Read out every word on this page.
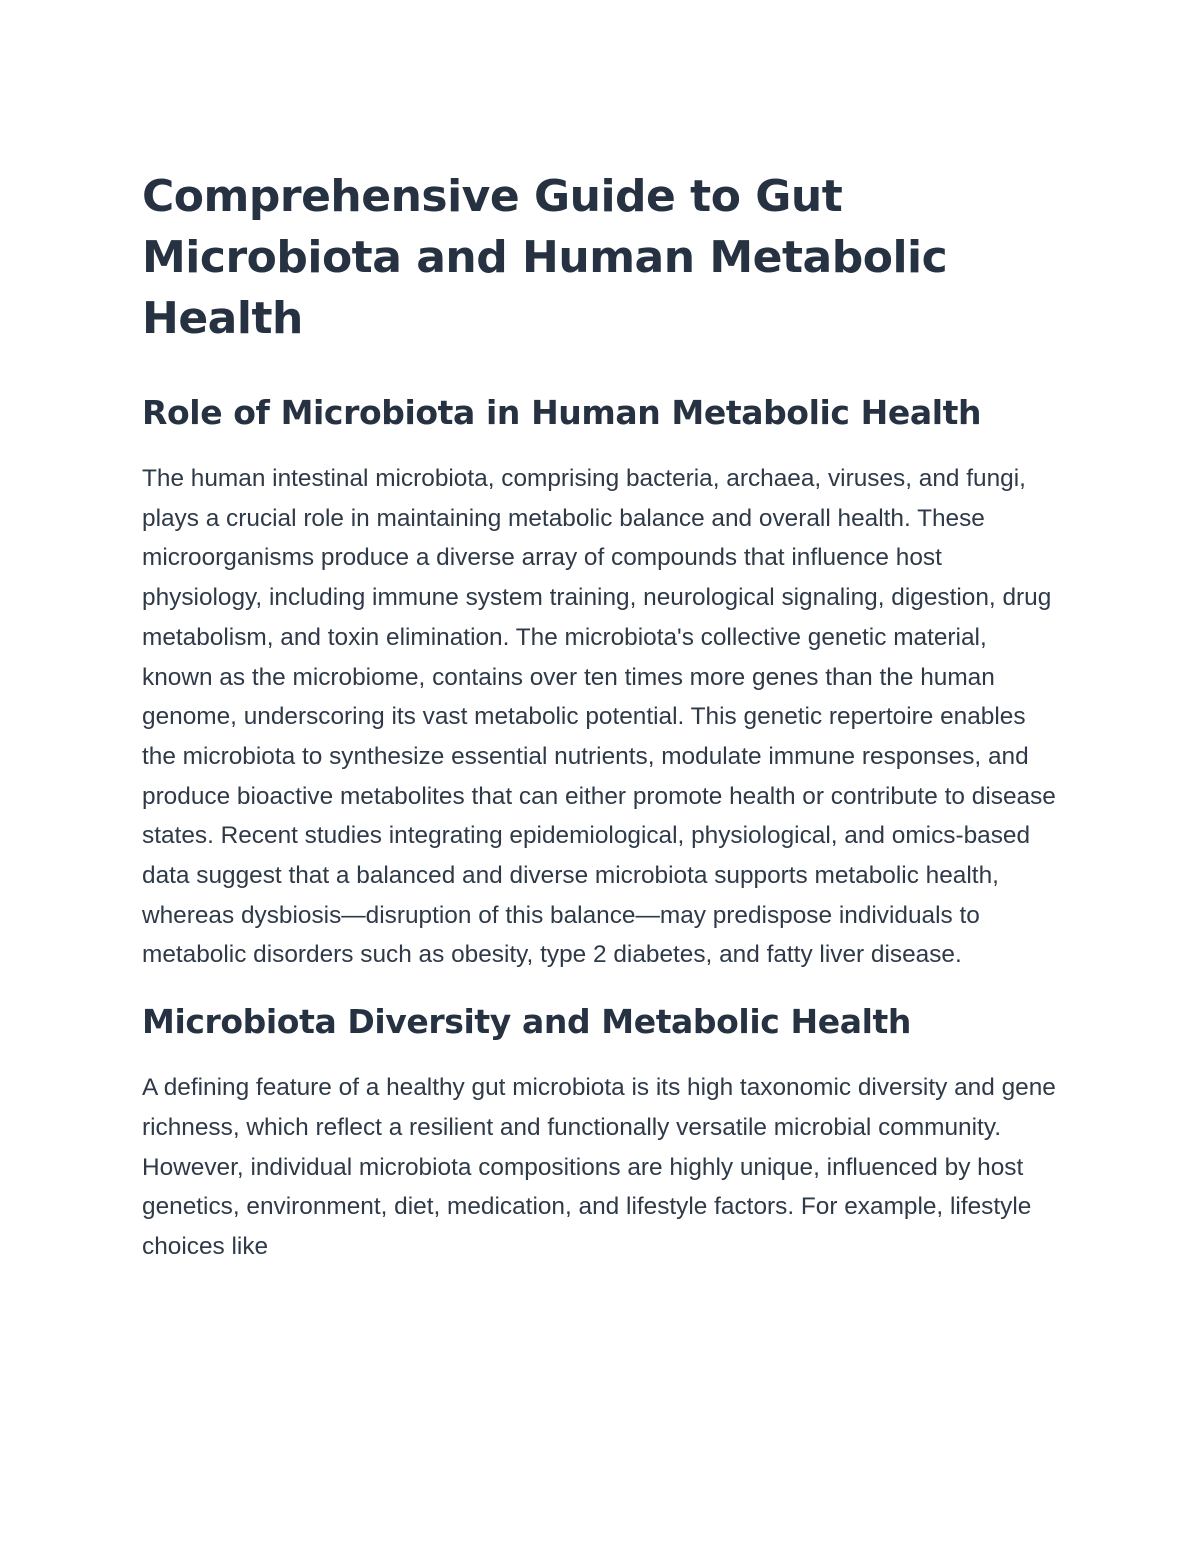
Comprehensive Guide to Gut Microbiota and Human Metabolic Health
Role of Microbiota in Human Metabolic Health

The human intestinal microbiota, comprising bacteria, archaea, viruses, and fungi, plays a crucial role in maintaining metabolic balance and overall health. These microorganisms produce a diverse array of compounds that influence host physiology, including immune system training, neurological signaling, digestion, drug metabolism, and toxin elimination. The microbiota's collective genetic material, known as the microbiome, contains over ten times more genes than the human genome, underscoring its vast metabolic potential. This genetic repertoire enables the microbiota to synthesize essential nutrients, modulate immune responses, and produce bioactive metabolites that can either promote health or contribute to disease states. Recent studies integrating epidemiological, physiological, and omics-based data suggest that a balanced and diverse microbiota supports metabolic health, whereas dysbiosis—disruption of this balance—may predispose individuals to metabolic disorders such as obesity, type 2 diabetes, and fatty liver disease.

Microbiota Diversity and Metabolic Health

A defining feature of a healthy gut microbiota is its high taxonomic diversity and gene richness, which reflect a resilient and functionally versatile microbial community. However, individual microbiota compositions are highly unique, influenced by host genetics, environment, diet, medication, and lifestyle factors. For example, lifestyle choices like
